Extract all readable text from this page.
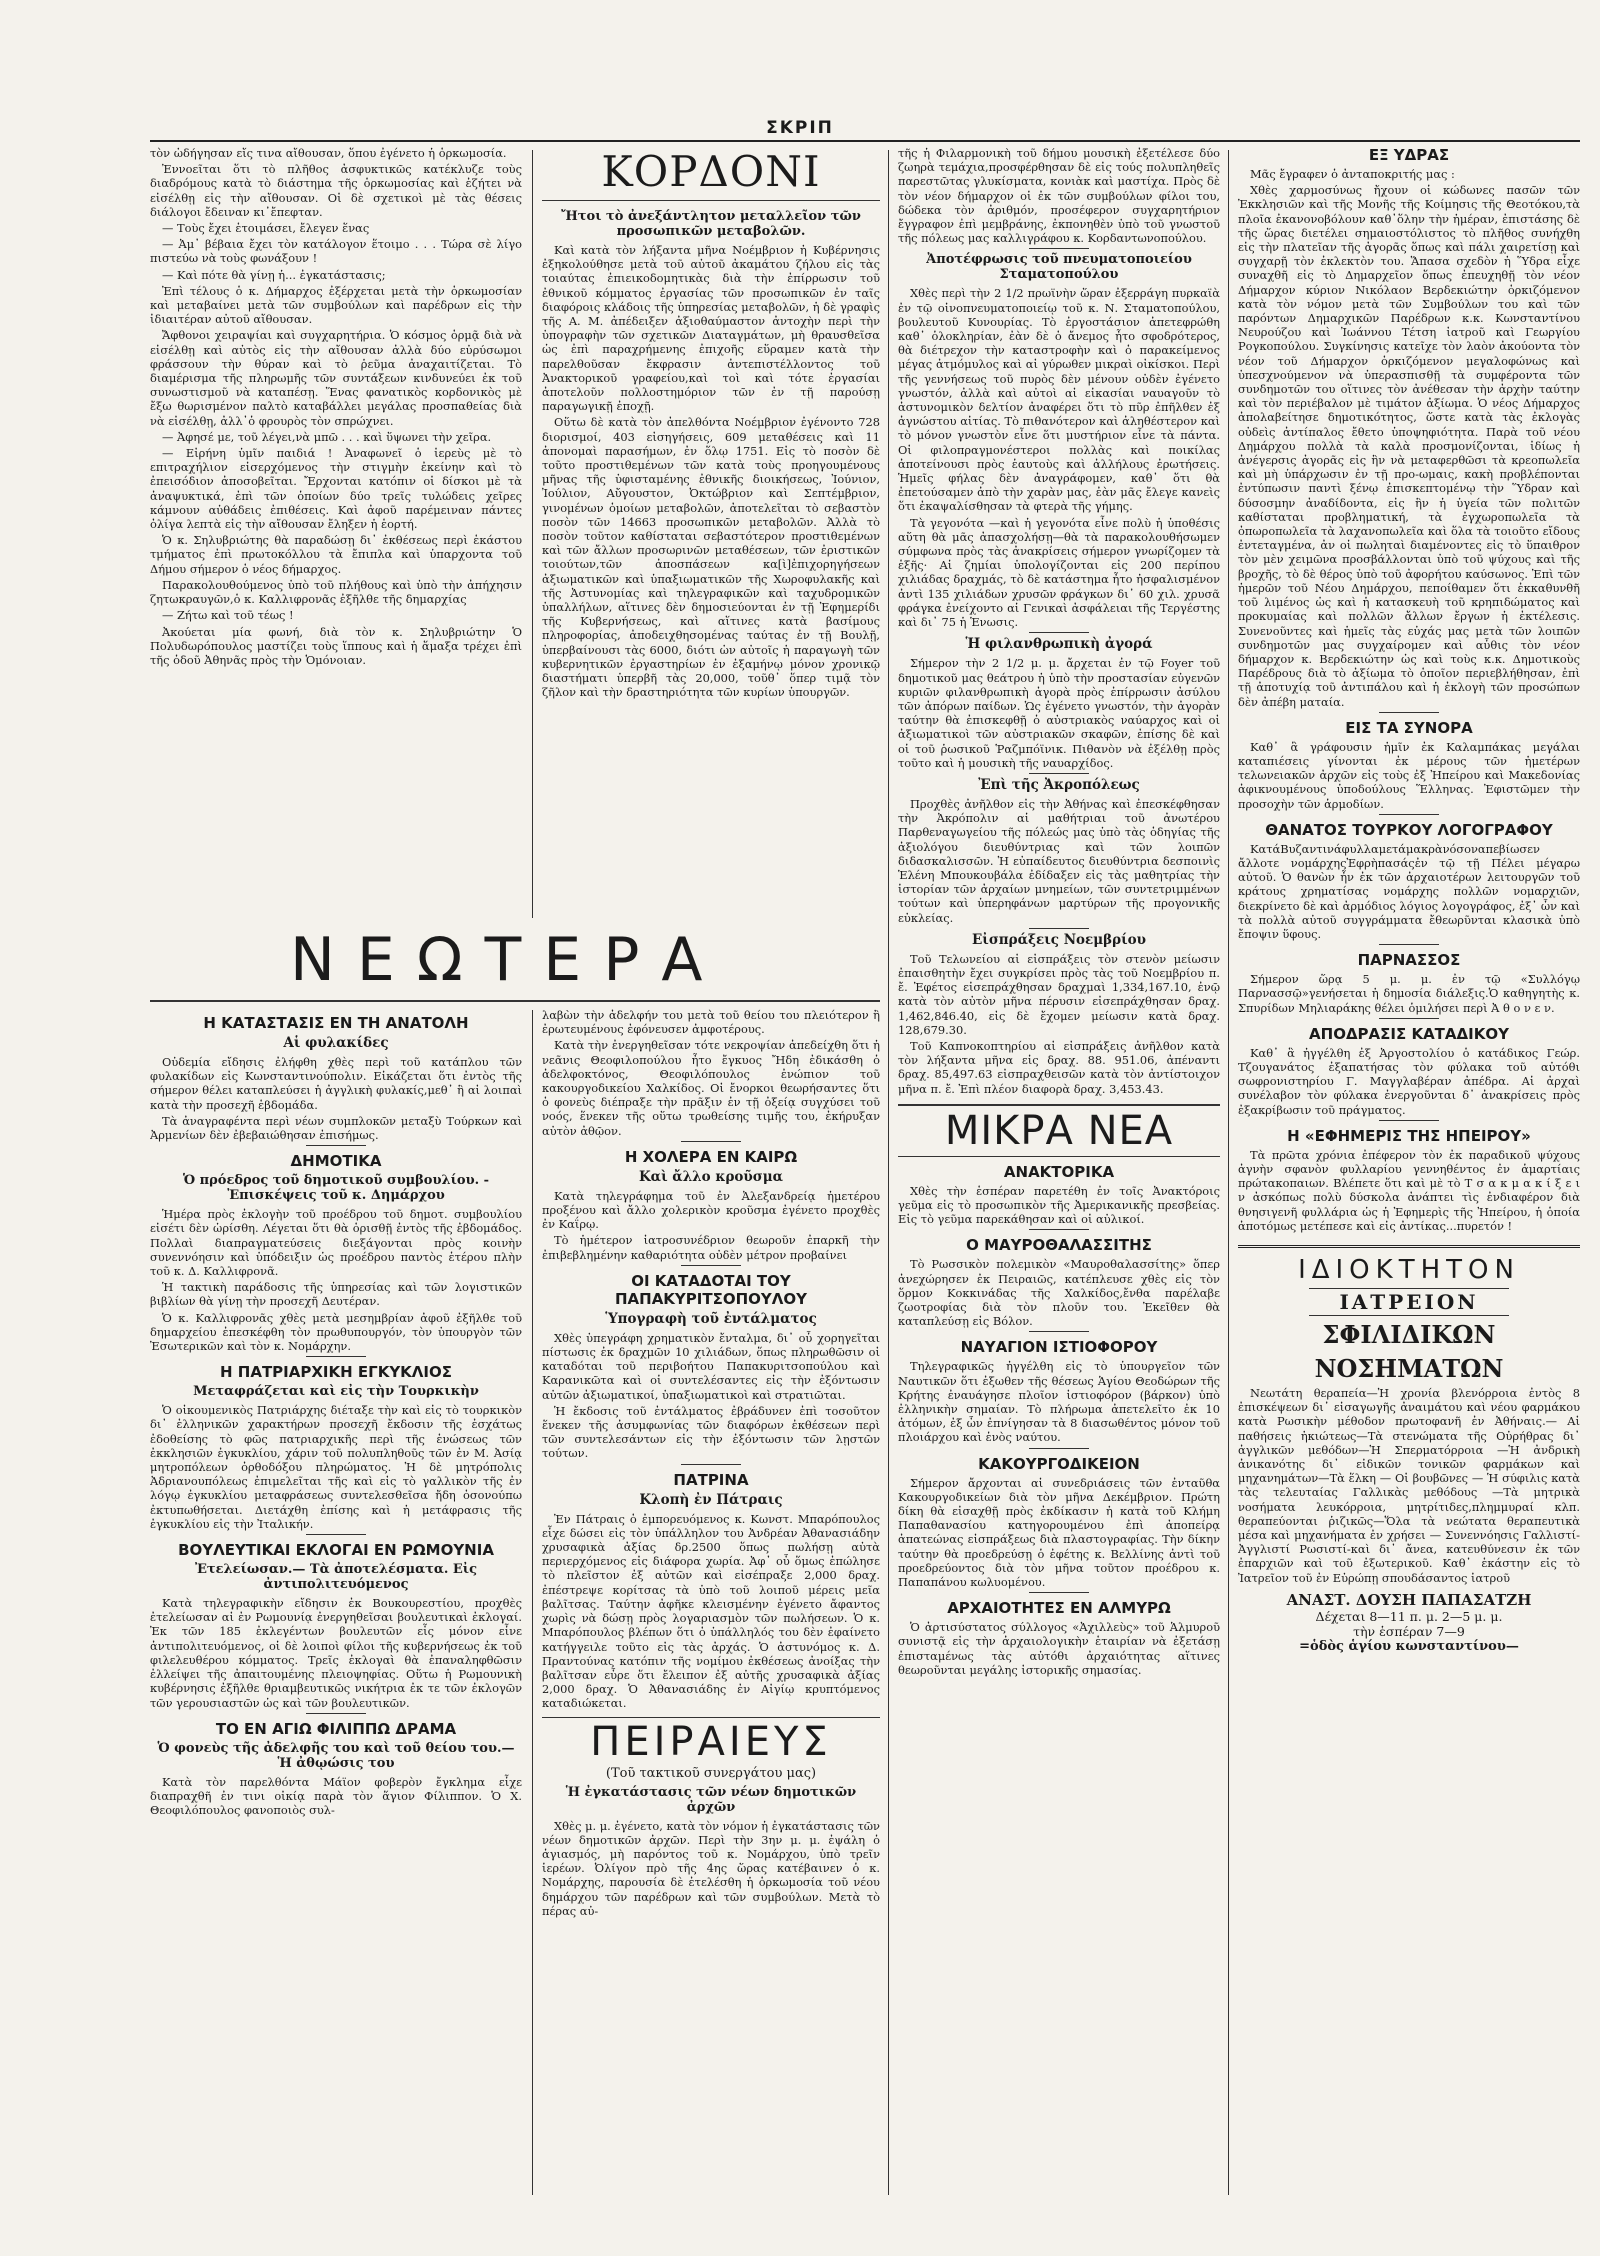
ΣΚΡΙΠ

τὸν ὡδήγησαν εἴς τινα αἴθουσαν, ὅπου ἐγένετο ἡ ὁρκωμοσία.

Ἐννοεῖται ὅτι τὸ πλῆθος ἀσφυκτικῶς κατέκλυζε τοὺς διαδρόμους κατὰ τὸ διάστημα τῆς ὁρκωμοσίας καὶ ἐζήτει νὰ εἰσέλθῃ εἰς τὴν αἴθουσαν. Οἱ δὲ σχετικοὶ μὲ τὰς θέσεις διάλογοι ἔδειναν κι᾿ἔπεφταν.

— Τοὺς ἔχει ἑτοιμάσει, ἔλεγεν ἕνας

— Ἀμ᾿ βέβαια ἔχει τὸν κατάλογον ἕτοιμο . . . Τώρα σὲ λίγο πιστεύω νὰ τοὺς φωνάξουν !

— Καὶ πότε θὰ γίνῃ ἡ... ἐγκατάστασις;

Ἐπὶ τέλους ὁ κ. Δήμαρχος ἐξέρχεται μετὰ τὴν ὁρκωμοσίαν καὶ μεταβαίνει μετὰ τῶν συμβούλων καὶ παρέδρων εἰς τὴν ἰδιαιτέραν αὐτοῦ αἴθουσαν.

Ἄφθονοι χειραψίαι καὶ συγχαρητήρια. Ὁ κόσμος ὁρμᾷ διὰ νὰ εἰσέλθῃ καὶ αὐτὸς εἰς τὴν αἴθουσαν ἀλλὰ δύο εὐρύσωμοι φράσσουν τὴν θύραν καὶ τὸ ῥεῦμα ἀναχαιτίζεται. Τὸ διαμέρισμα τῆς πληρωμῆς τῶν συντάξεων κινδυνεύει ἐκ τοῦ συνωστισμοῦ νὰ καταπέσῃ. Ἕνας φανατικὸς κορδονικὸς μὲ ἔξω θωρισμένον παλτὸ καταβάλλει μεγάλας προσπαθείας διὰ νὰ εἰσέλθῃ, ἀλλ᾿ὁ φρουρὸς τὸν σπρώχνει.

— Ἀφησέ με, τοῦ λέγει,νὰ μπῶ . . . καὶ ὕψωνει τὴν χεῖρα.

— Εἰρήνη ὑμῖν παιδιά ! Ἀναφωνεῖ ὁ ἱερεὺς μὲ τὸ επιτραχήλιον εἰσερχόμενος τὴν στιγμὴν ἐκείνην καὶ τὸ ἐπεισόδιον ἀποσοβεῖται. Ἔρχονται κατόπιν οἱ δίσκοι μὲ τὰ ἀναψυκτικά, ἐπὶ τῶν ὁποίων δύο τρεῖς τυλώδεις χεῖρες κάμνουν αὐθάδεις ἐπιθέσεις. Καὶ ἀφοῦ παρέμειναν πάντες ὀλίγα λεπτὰ εἰς τὴν αἴθουσαν ἔληξεν ἡ ἑορτή.

Ὁ κ. Σηλυβριώτης θὰ παραδώσῃ δι᾿ ἐκθέσεως περὶ ἑκάστου τμήματος ἐπὶ πρωτοκόλλου τὰ ἔπιπλα καὶ ὑπαρχοντα τοῦ Δήμου σήμερον ὁ νέος δήμαρχος.

Παρακολουθούμενος ὑπὸ τοῦ πλήθους καὶ ὑπὸ τὴν ἀπήχησιν ζητωκραυγῶν,ὁ κ. Καλλιφρονᾶς ἐξῆλθε τῆς δημαρχίας

— Ζήτω καὶ τοῦ τέως !

Ἀκούεται μία φωνή, διὰ τὸν κ. Σηλυβριώτην Ὁ Πολυδωρόπουλος μαστίζει τοὺς ἵππους καὶ ἡ ἅμαξα τρέχει ἐπὶ τῆς ὁδοῦ Ἀθηνᾶς πρὸς τὴν Ὁμόνοιαν.

ΚΟΡΔΟΝΙ
Ἤτοι τὸ ἀνεξάντλητον μεταλλεῖον τῶν προσωπικῶν μεταβολῶν.

Καὶ κατὰ τὸν λήξαντα μῆνα Νοέμβριον ἡ Κυβέρνησις ἐξηκολούθησε μετὰ τοῦ αὐτοῦ ἀκαμάτου ζήλου εἰς τὰς τοιαύτας ἐπιεικοδομητικὰς διὰ τὴν ἐπίρρωσιν τοῦ ἐθνικοῦ κόμματος ἐργασίας τῶν προσωπικῶν ἐν ταῖς διαφόροις κλάδοις τῆς ὑπηρεσίας μεταβολῶν, ἡ δὲ γραφὶς τῆς Α. Μ. ἀπέδειξεν ἀξιοθαύμαστον ἀντοχὴν περὶ τὴν ὑπογραφὴν τῶν σχετικῶν Διαταγμάτων, μὴ θραυσθεῖσα ὡς ἐπὶ παραχρήμενης ἐπιχοῆς εὕραμεν κατὰ τὴν παρελθοῦσαν ἔκφρασιν ἀντεπιστέλλοντος τοῦ Ἀνακτορικοῦ γραφείου,καὶ τοὶ καὶ τότε ἐργασίαι ἀποτελοῦν πολλοστημόριον τῶν ἐν τῇ παρούσῃ παραγωγικῇ ἐποχῇ.

Οὕτω δὲ κατὰ τὸν ἀπελθόντα Νοέμβριον ἐγένοντο 728 διορισμοί, 403 εἰσηγήσεις, 609 μεταθέσεις καὶ 11 ἀπονομαὶ παρασήμων, ἐν ὅλῳ 1751. Εἰς τὸ ποσὸν δὲ τοῦτο προστιθεμένων τῶν κατὰ τοὺς προηγουμένους μῆνας τῆς ὑφισταμένης ἐθνικῆς διοικήσεως, Ἰούνιον, Ἰούλιον, Αὔγουστον, Ὀκτώβριον καὶ Σεπτέμβριον, γινομένων ὁμοίων μεταβολῶν, ἀποτελεῖται τὸ σεβαστὸν ποσὸν τῶν 14663 προσωπικῶν μεταβολῶν. Ἀλλὰ τὸ ποσὸν τοῦτον καθίσταται σεβαστότερον προστιθεμένων καὶ τῶν ἄλλων προσωρινῶν μεταθέσεων, τῶν ἐριστικῶν τοιούτων,τῶν ἀποσπάσεων κα[ὶ]ἐπιχορηγήσεων ἀξιωματικῶν καὶ ὑπαξιωματικῶν τῆς Χωροφυλακῆς καὶ τῆς Ἀστυνομίας καὶ τηλεγραφικῶν καὶ ταχυδρομικῶν ὑπαλλήλων, αἵτινες δὲν δημοσιεύονται ἐν τῇ Ἐφημερίδι τῆς Κυβερνήσεως, καὶ αἵτινες κατὰ βασίμους πληροφορίας, ἀποδειχθησομένας ταύτας ἐν τῇ Βουλῇ, ὑπερβαίνουσι τὰς 6000, διότι ὡν αὐτοῖς ἡ παραγωγὴ τῶν κυβερνητικῶν ἐργαστηρίων ἐν ἐξαμήνῳ μόνον χρονικῷ διαστήματι ὑπερβῆ τὰς 20,000, τοῦθ᾿ ὅπερ τιμᾷ τὸν ζῆλον καὶ τὴν δραστηριότητα τῶν κυρίων ὑπουργῶν.

ΝΕΩΤΕΡΑ
Η ΚΑΤΑΣΤΑΣΙΣ ΕΝ ΤΗ ΑΝΑΤΟΛΗ
Αἱ φυλακίδες

Οὐδεμία εἴδησις ἐλήφθη χθὲς περὶ τοῦ κατάπλου τῶν φυλακίδων εἰς Κωνσταντινούπολιν. Εἰκάζεται ὅτι ἐντὸς τῆς σήμερον θέλει καταπλεύσει ἡ ἀγγλικὴ φυλακίς,μεθ᾿ ἣ αἱ λοιπαὶ κατὰ τὴν προσεχῆ ἑβδομάδα.

Τὰ ἀναγραφέντα περὶ νέων συμπλοκῶν μεταξὺ Τούρκων καὶ Ἀρμενίων δὲν ἐβεβαιώθησαν ἐπισήμως.

ΔΗΜΟΤΙΚΑ
Ὁ πρόεδρος τοῦ δημοτικοῦ συμβουλίου. - Ἐπισκέψεις τοῦ κ. Δημάρχου

Ἡμέρα πρὸς ἐκλογὴν τοῦ προέδρου τοῦ δημοτ. συμβουλίου εἰσέτι δὲν ὡρίσθη. Λέγεται ὅτι θὰ ὁρισθῇ ἐντὸς τῆς ἐβδομάδος. Πολλαὶ διαπραγματεύσεις διεξάγονται πρὸς κοινὴν συνεννόησιν καὶ ὑπόδειξιν ὡς προέδρου παντὸς ἑτέρου πλὴν τοῦ κ. Δ. Καλλιφρονᾶ.

Ἡ τακτικὴ παράδοσις τῆς ὑπηρεσίας καὶ τῶν λογιστικῶν βιβλίων θὰ γίνῃ τὴν προσεχῆ Δευτέραν.

Ὁ κ. Καλλιφρονᾶς χθὲς μετὰ μεσημβρίαν ἀφοῦ ἐξῆλθε τοῦ δημαρχείου ἐπεσκέφθη τὸν πρωθυπουργόν, τὸν ὑπουργὸν τῶν Ἐσωτερικῶν καὶ τὸν κ. Νομάρχην.

Η ΠΑΤΡΙΑΡΧΙΚΗ ΕΓΚΥΚΛΙΟΣ
Μεταφράζεται καὶ εἰς τὴν Τουρκικὴν

Ὁ οἰκουμενικὸς Πατριάρχης διέταξε τὴν καὶ εἰς τὸ τουρκικὸν δι᾿ ἑλληνικῶν χαρακτήρων προσεχῆ ἔκδοσιν τῆς ἐσχάτως ἐδοθείσης τὸ φῶς πατριαρχικῆς περὶ τῆς ἑνώσεως τῶν ἐκκλησιῶν ἐγκυκλίου, χάριν τοῦ πολυπληθοῦς τῶν ἐν Μ. Ἀσίᾳ μητροπόλεων ὀρθοδόξου πληρώματος. Ἡ δὲ μητρόπολις Ἀδριανουπόλεως ἐπιμελεῖται τῆς καὶ εἰς τὸ γαλλικὸν τῆς ἐν λόγῳ ἐγκυκλίου μεταφράσεως συντελεσθεῖσα ἤδη ὁσονούπω ἐκτυπωθήσεται. Διετάχθη ἐπίσης καὶ ἡ μετάφρασις τῆς ἐγκυκλίου εἰς τὴν Ἰταλικήν.

ΒΟΥΛΕΥΤΙΚΑΙ ΕΚΛΟΓΑΙ ΕΝ ΡΩΜΟΥΝΙΑ
Ἐτελείωσαν.— Τὰ ἀποτελέσματα. Εἰς ἀντιπολιτευόμενος

Κατὰ τηλεγραφικὴν εἴδησιν ἐκ Βουκουρεστίου, προχθὲς ἐτελείωσαν αἱ ἐν Ρωμουνίᾳ ἐνεργηθεῖσαι βουλευτικαὶ ἐκλογαί. Ἐκ τῶν 185 ἐκλεγέντων βουλευτῶν εἷς μόνον εἶνε ἀντιπολιτευόμενος, οἱ δὲ λοιποὶ φίλοι τῆς κυβερνήσεως ἐκ τοῦ φιλελευθέρου κόμματος. Τρεῖς ἐκλογαὶ θὰ ἐπαναληφθῶσιν ἐλλείψει τῆς ἀπαιτουμένης πλειοψηφίας. Οὕτω ἡ Ρωμουνικὴ κυβέρνησις ἐξῆλθε θριαμβευτικῶς νικήτρια ἐκ τε τῶν ἐκλογῶν τῶν γερουσιαστῶν ὡς καὶ τῶν βουλευτικῶν.

ΤΟ ΕΝ ΑΓΙΩ ΦΙΛΙΠΠΩ ΔΡΑΜΑ
Ὁ φονεὺς τῆς ἀδελφῆς του καὶ τοῦ θείου του.— Ἡ ἀθῳώσις του

Κατὰ τὸν παρελθόντα Μάϊον φοβερὸν ἔγκλημα εἶχε διαπραχθῆ ἐν τινι οἰκίᾳ παρὰ τὸν ἅγιον Φίλιππον. Ὁ Χ. Θεοφιλόπουλος φανοποιὸς συλ-

λαβὼν τὴν ἀδελφήν του μετὰ τοῦ θείου του πλειότερον ἢ ἐρωτευμένους ἐφόνευσεν ἀμφοτέρους.

Κατὰ τὴν ἐνεργηθεῖσαν τότε νεκροψίαν ἀπεδείχθη ὅτι ἡ νεᾶνις Θεοφιλοπούλου ἦτο ἔγκυος Ἤδη ἐδικάσθη ὁ ἀδελφοκτόνος, Θεοφιλόπουλος ἐνώπιον τοῦ κακουργοδικείου Χαλκίδος. Οἱ ἔνορκοι θεωρήσαντες ὅτι ὁ φονεὺς διέπραξε τὴν πρᾶξιν ἐν τῇ ὀξείᾳ συγχύσει τοῦ νοός, ἕνεκεν τῆς οὕτω τρωθείσης τιμῆς του, ἐκήρυξαν αὐτὸν ἀθῷον.

Η ΧΟΛΕΡΑ ΕΝ ΚΑΙΡΩ
Καὶ ἄλλο κροῦσμα

Κατὰ τηλεγράφημα τοῦ ἐν Ἀλεξανδρείᾳ ἡμετέρου προξένου καὶ ἄλλο χολερικὸν κροῦσμα ἐγένετο προχθὲς ἐν Καΐρῳ.

Τὸ ἡμέτερον ἰατροσυνέδριον θεωροῦν ἐπαρκῆ τὴν ἐπιβεβλημένην καθαριότητα οὐδὲν μέτρον προβαίνει

ΟΙ ΚΑΤΑΔΟΤΑΙ ΤΟΥ ΠΑΠΑΚΥΡΙΤΣΟΠΟΥΛΟΥ
Ὑπογραφὴ τοῦ ἐντάλματος

Χθὲς ὑπεγράφη χρηματικὸν ἔνταλμα, δι᾿ οὗ χορηγεῖται πίστωσις ἐκ δραχμῶν 10 χιλιάδων, ὅπως πληρωθῶσιν οἱ καταδόται τοῦ περιβοήτου Παπακυριτσοπούλου καὶ Καρανικῶτα καὶ οἱ συντελέσαντες εἰς τὴν ἐξόντωσιν αὐτῶν ἀξιωματικοί, ὑπαξιωματικοὶ καὶ στρατιῶται.

Ἡ ἔκδοσις τοῦ ἐντάλματος ἐβράδυνεν ἐπὶ τοσοῦτον ἕνεκεν τῆς ἀσυμφωνίας τῶν διαφόρων ἐκθέσεων περὶ τῶν συντελεσάντων εἰς τὴν ἐξόντωσιν τῶν λῃστῶν τούτων.

ΠΑΤΡΙΝΑ
Κλοπὴ ἐν Πάτραις

Ἐν Πάτραις ὁ ἐμπορευόμενος κ. Κωνστ. Μπαρόπουλος εἶχε δώσει εἰς τὸν ὑπάλληλον του Ἀνδρέαν Ἀθανασιάδην χρυσαφικὰ ἀξίας δρ.2500 ὅπως πωλήσῃ αὐτὰ περιερχόμενος εἰς διάφορα χωρία. Ἀφ᾿ οὗ ὅμως ἐπώλησε τὸ πλεῖστον ἐξ αὐτῶν καὶ εἰσέπραξε 2,000 δραχ. ἐπέστρεψε κορίτσας τὰ ὑπὸ τοῦ λοιποῦ μέρεις μεῖα βαλῖτσας. Ταύτην ἀφῆκε κλεισμένην ἐγένετο ἄφαντος χωρὶς νὰ δώσῃ πρὸς λογαριασμὸν τῶν πωλήσεων. Ὁ κ. Μπαρόπουλος βλέπων ὅτι ὁ ὑπάλληλός του δὲν ἐφαίνετο κατήγγειλε τοῦτο εἰς τὰς ἀρχάς. Ὁ ἀστυνόμος κ. Δ. Πραντούνας κατόπιν τῆς νομίμου ἐκθέσεως ἀνοίξας τὴν βαλῖτσαν εὗρε ὅτι ἔλειπον ἐξ αὐτῆς χρυσαφικὰ ἀξίας 2,000 δραχ. Ὁ Ἀθανασιάδης ἐν Αἰγίῳ κρυπτόμενος καταδιώκεται.

ΠΕΙΡΑΙΕΥΣ
(Τοῦ τακτικοῦ συνεργάτου μας)
Ἡ ἐγκατάστασις τῶν νέων δημοτικῶν ἀρχῶν

Χθὲς μ. μ. ἐγένετο, κατὰ τὸν νόμον ἡ ἐγκατάστασις τῶν νέων δημοτικῶν ἀρχῶν. Περὶ τὴν 3ην μ. μ. ἐψάλη ὁ ἁγιασμός, μὴ παρόντος τοῦ κ. Νομάρχου, ὑπὸ τρεῖν ἱερέων. Ὀλίγον πρὸ τῆς 4ης ὥρας κατέβαινεν ὁ κ. Νομάρχης, παρουσία δὲ ἐτελέσθη ἡ ὁρκωμοσία τοῦ νέου δημάρχου τῶν παρέδρων καὶ τῶν συμβούλων. Μετὰ τὸ πέρας αὐ-

τῆς ἡ Φιλαρμονικὴ τοῦ δήμου μουσικὴ ἐξετέλεσε δύο ζωηρὰ τεμάχια,προσφέρθησαν δὲ εἰς τούς πολυπληθεῖς παρεστῶτας γλυκίσματα, κονιὰκ καὶ μαστίχα. Πρὸς δὲ τὸν νέον δήμαρχον οἱ ἐκ τῶν συμβούλων φίλοι του, δώδεκα τὸν ἀριθμόν, προσέφερον συγχαρητήριον ἔγγραφον ἐπὶ μεμβράνης, ἐκπονηθὲν ὑπὸ τοῦ γνωστοῦ τῆς πόλεως μας καλλιγράφου κ. Κορδαντωνοπούλου.

Ἀποτέφρωσις τοῦ πνευματοποιείου Σταματοπούλου

Χθὲς περὶ τὴν 2 1/2 πρωϊνὴν ὥραν ἐξερράγη πυρκαϊὰ ἐν τῷ οἰνοπνευματοποιείῳ τοῦ κ. Ν. Σταματοπούλου, βουλευτοῦ Κυνουρίας. Τὸ ἐργοστάσιον ἀπετεφρώθη καθ᾿ ὁλοκληρίαν, ἐὰν δὲ ὁ ἄνεμος ἦτο σφοδρότερος, θὰ διέτρεχον τὴν καταστροφὴν καὶ ὁ παρακείμενος μέγας ἀτμόμυλος καὶ αἱ γύρωθεν μικραὶ οἰκίσκοι. Περὶ τῆς γεννήσεως τοῦ πυρὸς δὲν μένουν οὐδὲν ἐγένετο γνωστόν, ἀλλὰ καὶ αὐτοὶ αἰ εἰκασίαι ναυαγοῦν τὸ ἀστυνομικὸν δελτίον ἀναφέρει ὅτι τὸ πῦρ ἐπῆλθεν ἐξ ἀγνώστου αἰτίας. Τὸ πιθανότερον καὶ ἀληθέστερον καὶ τὸ μόνον γνωστὸν εἶνε ὅτι μυστήριον εἶνε τὰ πάντα. Οἱ φιλοπραγμονέστεροι πολλὰς καὶ ποικίλας ἀποτείνουσι πρὸς ἑαυτοὺς καὶ ἀλλήλους ἐρωτήσεις. Ἡμεῖς φήλας δὲν ἀναγράφομεν, καθ᾿ ὅτι θὰ ἐπετούσαμεν ἀπὸ τὴν χαρὰν μας, ἐὰν μᾶς ἔλεγε κανεὶς ὅτι ἐκαψαλίσθησαν τὰ φτερὰ τῆς γήμης.

Τὰ γεγονότα —καὶ ἡ γεγονότα εἶνε πολὺ ἡ ὑποθέσις αὕτη θὰ μᾶς ἀπασχολήσῃ—θὰ τὰ παρακολουθήσωμεν σύμφωνα πρὸς τὰς ἀνακρίσεις σήμερον γνωρίζομεν τὰ ἑξῆς· Αἱ ζημίαι ὑπολογίζονται εἰς 200 περίπου χιλιάδας δραχμάς, τὸ δὲ κατάστημα ἦτο ἠσφαλισμένον ἀντὶ 135 χιλιάδων χρυσῶν φράγκων δι᾿ 60 χιλ. χρυσᾶ φράγκα ἐνείχοντο αἱ Γενικαὶ ἀσφάλειαι τῆς Τεργέστης καὶ δι᾿ 75 ἡ Ἑνωσις.

Ἡ φιλανθρωπικὴ ἀγορά

Σήμερον τὴν 2 1/2 μ. μ. ἄρχεται ἐν τῷ Foyer τοῦ δημοτικοῦ μας θεάτρου ἡ ὑπὸ τὴν προστασίαν εὐγενῶν κυριῶν φιλανθρωπικὴ ἀγορὰ πρὸς ἐπίρρωσιν ἀσύλου τῶν ἀπόρων παίδων. Ὡς ἐγένετο γνωστόν, τὴν ἀγορὰν ταύτην θὰ ἐπισκεφθῇ ὁ αὐστριακὸς ναύαρχος καὶ οἱ ἀξιωματικοὶ τῶν αὐστριακῶν σκαφῶν, ἐπίσης δὲ καὶ οἱ τοῦ ῥωσικοῦ Ῥαζμπόϊνικ. Πιθανὸν νὰ ἐξέλθῃ πρὸς τοῦτο καὶ ἡ μουσικὴ τῆς ναυαρχίδος.

Ἐπὶ τῆς Ἀκροπόλεως

Προχθὲς ἀνῆλθον εἰς τὴν Ἀθήνας καὶ ἐπεσκέφθησαν τὴν Ἀκρόπολιν αἱ μαθήτριαι τοῦ ἀνωτέρου Παρθεναγωγείου τῆς πόλεώς μας ὑπὸ τὰς ὁδηγίας τῆς ἀξιολόγου διευθύντριας καὶ τῶν λοιπῶν διδασκαλισσῶν. Ἡ εὐπαίδευτος διευθύντρια δεσποινὶς Ἑλένη Μπουκουβάλα ἐδίδαξεν εἰς τὰς μαθητρίας τὴν ἱστορίαν τῶν ἀρχαίων μνημείων, τῶν συντετριμμένων τούτων καὶ ὑπερηφάνων μαρτύρων τῆς προγονικῆς εὐκλείας.

Εἰσπράξεις Νοεμβρίου

Τοῦ Τελωνείου αἱ εἰσπράξεις τὸν στενὸν μείωσιν ἐπαισθητὴν ἔχει συγκρίσει πρὸς τὰς τοῦ Νοεμβρίου π. ἔ. Ἐφέτος εἰσεπράχθησαν δραχμαὶ 1,334,167.10, ἐνῷ κατὰ τὸν αὐτὸν μῆνα πέρυσιν εἰσεπράχθησαν δραχ. 1,462,846.40, εἰς δὲ ἔχομεν μείωσιν κατὰ δραχ. 128,679.30.

Τοῦ Καπνοκοπτηρίου αἱ εἰσπράξεις ἀνῆλθον κατὰ τὸν λήξαντα μῆνα εἰς δραχ. 88. 951.06, ἀπέναντι δραχ. 85,497.63 εἰσπραχθεισῶν κατὰ τὸν ἀντίστοιχον μῆνα π. ἔ. Ἐπὶ πλέον διαφορὰ δραχ. 3,453.43.

ΜΙΚΡΑ ΝΕΑ
ΑΝΑΚΤΟΡΙΚΑ

Χθὲς τὴν ἑσπέραν παρετέθη ἐν τοῖς Ἀνακτόροις γεῦμα εἰς τὸ προσωπικὸν τῆς Ἀμερικανικῆς πρεσβείας. Εἰς τὸ γεῦμα παρεκάθησαν καὶ οἱ αὐλικοί.

Ο ΜΑΥΡΟΘΑΛΑΣΣΙΤΗΣ

Τὸ Ρωσσικὸν πολεμικὸν «Μαυροθαλασσίτης» ὅπερ ἀνεχώρησεν ἐκ Πειραιῶς, κατέπλευσε χθὲς εἰς τὸν ὅρμον Κοκκινάδας τῆς Χαλκίδος,ἔνθα παρέλαβε ζωοτροφίας διὰ τὸν πλοῦν του. Ἐκεῖθεν θὰ καταπλεύσῃ εἰς Βόλον.

ΝΑΥΑΓΙΟΝ ΙΣΤΙΟΦΟΡΟΥ

Τηλεγραφικῶς ἠγγέλθη εἰς τὸ ὑπουργεῖον τῶν Ναυτικῶν ὅτι ἐξωθεν τῆς θέσεως Ἁγίου Θεοδώρων τῆς Κρήτης ἐναυάγησε πλοῖον ἱστιοφόρον (βάρκον) ὑπὸ ἐλληνικὴν σημαίαν. Τὸ πλήρωμα ἀπετελεῖτο ἐκ 10 ἀτόμων, ἐξ ὧν ἐπνίγησαν τὰ 8 διασωθέντος μόνον τοῦ πλοιάρχου καὶ ἑνὸς ναύτου.

ΚΑΚΟΥΡΓΟΔΙΚΕΙΟΝ

Σήμερον ἄρχονται αἱ συνεδριάσεις τῶν ἐνταῦθα Κακουργοδικείων διὰ τὸν μῆνα Δεκέμβριον. Πρώτη δίκη θὰ εἰσαχθῇ πρὸς ἐκδίκασιν ἡ κατὰ τοῦ Κλήμη Παπαθανασίου κατηγορουμένου ἐπὶ ἀποπείρᾳ ἀπατεώνας εἰσπράξεως διὰ πλαστογραφίας. Τὴν δίκην ταύτην θὰ προεδρεύσῃ ὁ ἐφέτης κ. Βελλίνης ἀντὶ τοῦ προεδρεύοντος διὰ τὸν μῆνα τοῦτον προέδρου κ. Παπαπάνου κωλυομένου.

ΑΡΧΑΙΟΤΗΤΕΣ ΕΝ ΑΛΜΥΡΩ

Ὁ ἀρτισύστατος σύλλογος «Ἀχιλλεὺς» τοῦ Ἁλμυροῦ συνιστᾷ εἰς τὴν ἀρχαιολογικὴν ἑταιρίαν νὰ ἐξετάσῃ ἐπισταμένως τὰς αὐτόθι ἀρχαιότητας αἵτινες θεωροῦνται μεγάλης ἱστορικῆς σημασίας.

ΕΞ ΥΔΡΑΣ

Μᾶς ἔγραφεν ὁ ἀνταποκριτής μας :

Χθὲς χαρμοσύνως ἤχουν οἱ κώδωνες πασῶν τῶν Ἐκκλησιῶν καὶ τῆς Μονῆς τῆς Κοίμησις τῆς Θεοτόκου,τὰ πλοῖα ἐκανονοβόλουν καθ᾿ὅλην τὴν ἡμέραν, ἐπιστάσης δὲ τῆς ὥρας διετέλει σημαιοστόλιστος τὸ πλῆθος συνήχθη εἰς τὴν πλατεῖαν τῆς ἀγορᾶς ὅπως καὶ πάλι χαιρετίσῃ καὶ συγχαρῇ τὸν ἐκλεκτὸν του. Ἅπασα σχεδὸν ἡ Ὕδρα εἶχε συναχθῆ εἰς τὸ Δημαρχεῖον ὅπως ἐπευχηθῇ τὸν νέον Δήμαρχον κύριον Νικόλαον Βερδεκιώτην ὁρκιζόμενον κατὰ τὸν νόμον μετὰ τῶν Συμβούλων του καὶ τῶν παρόντων Δημαρχικῶν Παρέδρων κ.κ. Κωνσταντίνου Νευρούζου καὶ Ἰωάννου Τέτση ἰατροῦ καὶ Γεωργίου Ρογκοπούλου. Συγκίνησις κατεῖχε τὸν λαὸν ἀκούοντα τὸν νέον τοῦ Δήμαρχον ὁρκιζόμενον μεγαλοφώνως καὶ ὑπεσχνούμενον νὰ ὑπερασπισθῇ τὰ συμφέροντα τῶν συνδημοτῶν του οἵτινες τὸν ἀνέθεσαν τὴν ἀρχὴν ταύτην καὶ τὸν περιέβαλον μὲ τιμάτον ἀξίωμα. Ὁ νέος Δήμαρχος ἀπολαβείτησε δημοτικότητος, ὥστε κατὰ τὰς ἐκλογὰς οὐδεὶς ἀντίπαλος ἔθετο ὑποψηφιότητα. Παρὰ τοῦ νέου Δημάρχου πολλὰ τὰ καλὰ προσμονίζονται, ἰδίως ἡ ἀνέγερσις ἀγορᾶς εἰς ἣν νὰ μεταφερθῶσι τὰ κρεοπωλεῖα καὶ μὴ ὑπάρχωσιν ἐν τῇ προ-ωμαις, κακὴ προβλέπονται ἐντύπωσιν παντὶ ξένῳ ἐπισκεπτομένῳ τὴν Ὕδραν καὶ δύσοσμην ἀναδίδοντα, εἰς ἣν ἡ ὑγεία τῶν πολιτῶν καθίσταται προβληματική, τὰ ἐγχωροπωλεῖα τὰ ὀπωροπωλεῖα τὰ λαχανοπωλεῖα καὶ ὅλα τὰ τοιοῦτο εἴδους ἐντεταγμένα, ἀν οἱ πωληταὶ διαμένοντες εἰς τὸ ὕπαιθρον τὸν μὲν χειμῶνα προσβάλλονται ὑπὸ τοῦ ψύχους καὶ τῆς βροχῆς, τὸ δὲ θέρος ὑπὸ τοῦ ἀφορήτου καύσωνος. Ἐπὶ τῶν ἡμερῶν τοῦ Νέου Δημάρχου, πεποίθαμεν ὅτι ἐκκαθυνθῆ τοῦ λιμένος ὡς καὶ ἡ κατασκευὴ τοῦ κρηπιδώματος καὶ προκυμαίας καὶ πολλῶν ἄλλων ἔργων ἡ ἐκτέλεσις. Συνενοῦντες καὶ ἡμεῖς τὰς εὐχάς μας μετὰ τῶν λοιπῶν συνδημοτῶν μας συγχαίρομεν καὶ αὖθις τὸν νέον δήμαρχον κ. Βερδεκιώτην ὡς καὶ τοὺς κ.κ. Δημοτικοὺς Παρέδρους διὰ τὸ ἀξίωμα τὸ ὁποῖον περιεβλήθησαν, ἐπὶ τῇ ἀποτυχίᾳ τοῦ ἀντιπάλου καὶ ἡ ἐκλογὴ τῶν προσώπων δὲν ἀπέβη ματαία.

ΕΙΣ ΤΑ ΣΥΝΟΡΑ

Καθ᾿ ἃ γράφουσιν ἡμῖν ἐκ Καλαμπάκας μεγάλαι καταπιέσεις γίνονται ἐκ μέρους τῶν ἡμετέρων τελωνειακῶν ἀρχῶν εἰς τοὺς ἐξ Ἠπείρου καὶ Μακεδονίας ἀφικνουμένους ὑποδούλους Ἕλληνας. Ἐφιστῶμεν τὴν προσοχὴν τῶν ἁρμοδίων.

ΘΑΝΑΤΟΣ ΤΟΥΡΚΟΥ ΛΟΓΟΓΡΑΦΟΥ

ΚατάΒυζαντινάφυλλαμετάμακρὰνόσοναπεβίωσεν ἄλλοτε νομάρχηςἘφρὴπασάςἐν τῷ τῇ Πέλει μέγαρω αὐτοῦ. Ὁ θανὼν ἦν ἐκ τῶν ἀρχαιοτέρων λειτουργῶν τοῦ κράτους χρηματίσας νομάρχης πολλῶν νομαρχιῶν, διεκρίνετο δὲ καὶ ἀρμόδιος λόγιος λογογράφος, ἐξ᾿ ὧν καὶ τὰ πολλὰ αὐτοῦ συγγράμματα ἔθεωρῦνται κλασικὰ ὑπὸ ἔποψιν ὕφους.

ΠΑΡΝΑΣΣΟΣ

Σήμερον ὥρᾳ 5 μ. μ. ἐν τῷ «Συλλόγῳ Παρνασσῷ»γενήσεται ἡ δημοσία διάλεξις.Ὁ καθηγητὴς κ. Σπυρίδων Μηλιαράκης θέλει ὁμιλήσει περὶ Ἀ θ ο ν ε ν.

ΑΠΟΔΡΑΣΙΣ ΚΑΤΑΔΙΚΟΥ

Καθ᾿ ἃ ἠγγέλθη ἐξ Ἀργοστολίου ὁ κατάδικος Γεώρ. Τζουγανάτος ἐξαπατήσας τὸν φύλακα τοῦ αὐτόθι σωφρονιστηρίου Γ. Μαγγλαβέραν ἀπέδρα. Αἱ ἀρχαὶ συνέλαβον τὸν φύλακα ἐνεργοῦνται δ᾿ ἀνακρίσεις πρὸς ἐξακρίβωσιν τοῦ πράγματος.

Η «ΕΦΗΜΕΡΙΣ ΤΗΣ ΗΠΕΙΡΟΥ»

Τὰ πρῶτα χρόνια ἐπέφερον τὸν ἐκ παραδικοῦ ψύχους ἀγνὴν σφανὸν φυλλαρίου γεννηθέντος ἐν ἁμαρτίαις πρώτακοπαιων. Βλέπετε ὅτι καὶ μὲ τὸ Τ σ α κ μ α κ ί ξ ε ι ν ἀσκόπως πολὺ δύσκολα ἀνάπτει τὶς ἐνδιαφέρον διὰ θνησιγενῆ φυλλάρια ὡς ἡ Ἐφημερὶς τῆς Ἠπείρου, ἡ ὁποία ἀποτόμως μετέπεσε καὶ εἰς ἀντίκας...πυρετόν !

ΙΔΙΟΚΤΗΤΟΝ
ΙΑΤΡΕΙΟΝ
ΣΦΙΛΙΔΙΚΩΝ ΝΟΣΗΜΑΤΩΝ

Νεωτάτη θεραπεία—Ἡ χρονία βλενόρροια ἐντὸς 8 ἐπισκέψεων δι᾿ εἰσαγωγῆς ἀναιμάτου καὶ νέου φαρμάκου κατὰ Ρωσικὴν μέθοδον πρωτοφανῆ ἐν Ἀθήναις.— Αἱ παθήσεις ἡκιώτεως—Τὰ στενώματα τῆς Οὐρήθρας δι᾿ ἀγγλικῶν μεθόδων—Ἡ Σπερματόρροια —Ἡ ἀνδρικὴ ἀνικανότης δι᾿ εἰδικῶν τονικῶν φαρμάκων καὶ μηχανημάτων—Τὰ ἕλκη — Οἱ βουβῶνες — Ἡ σύφιλις κατὰ τὰς τελευταίας Γαλλικὰς μεθόδους —Τὰ μητρικὰ νοσήματα λευκόρροια, μητρίτιδες,πλημμυραί κλπ. θεραπεύονται ῥιζικῶς—Ὅλα τὰ νεώτατα θεραπευτικὰ μέσα καὶ μηχανήματα ἐν χρήσει — Συνεννόησις Γαλλιστί-Ἀγγλιστί Ρωσιστί-καὶ δι᾿ ἄνεα, κατευθύνεσιν ἐκ τῶν ἐπαρχιῶν καὶ τοῦ ἐξωτερικοῦ. Καθ᾿ ἑκάστην εἰς τὸ Ἰατρεῖον τοῦ ἐν Εὐρώπῃ σπουδάσαντος ἰατροῦ

ΑΝΑΣΤ. ΔΟΥΣΗ ΠΑΠΑΣΑΤΖΗ
Δέχεται 8—11 π. μ. 2—5 μ. μ.
τὴν ἑσπέραν 7—9
=ὁδὸς ἁγίου κωνσταντίνου—
